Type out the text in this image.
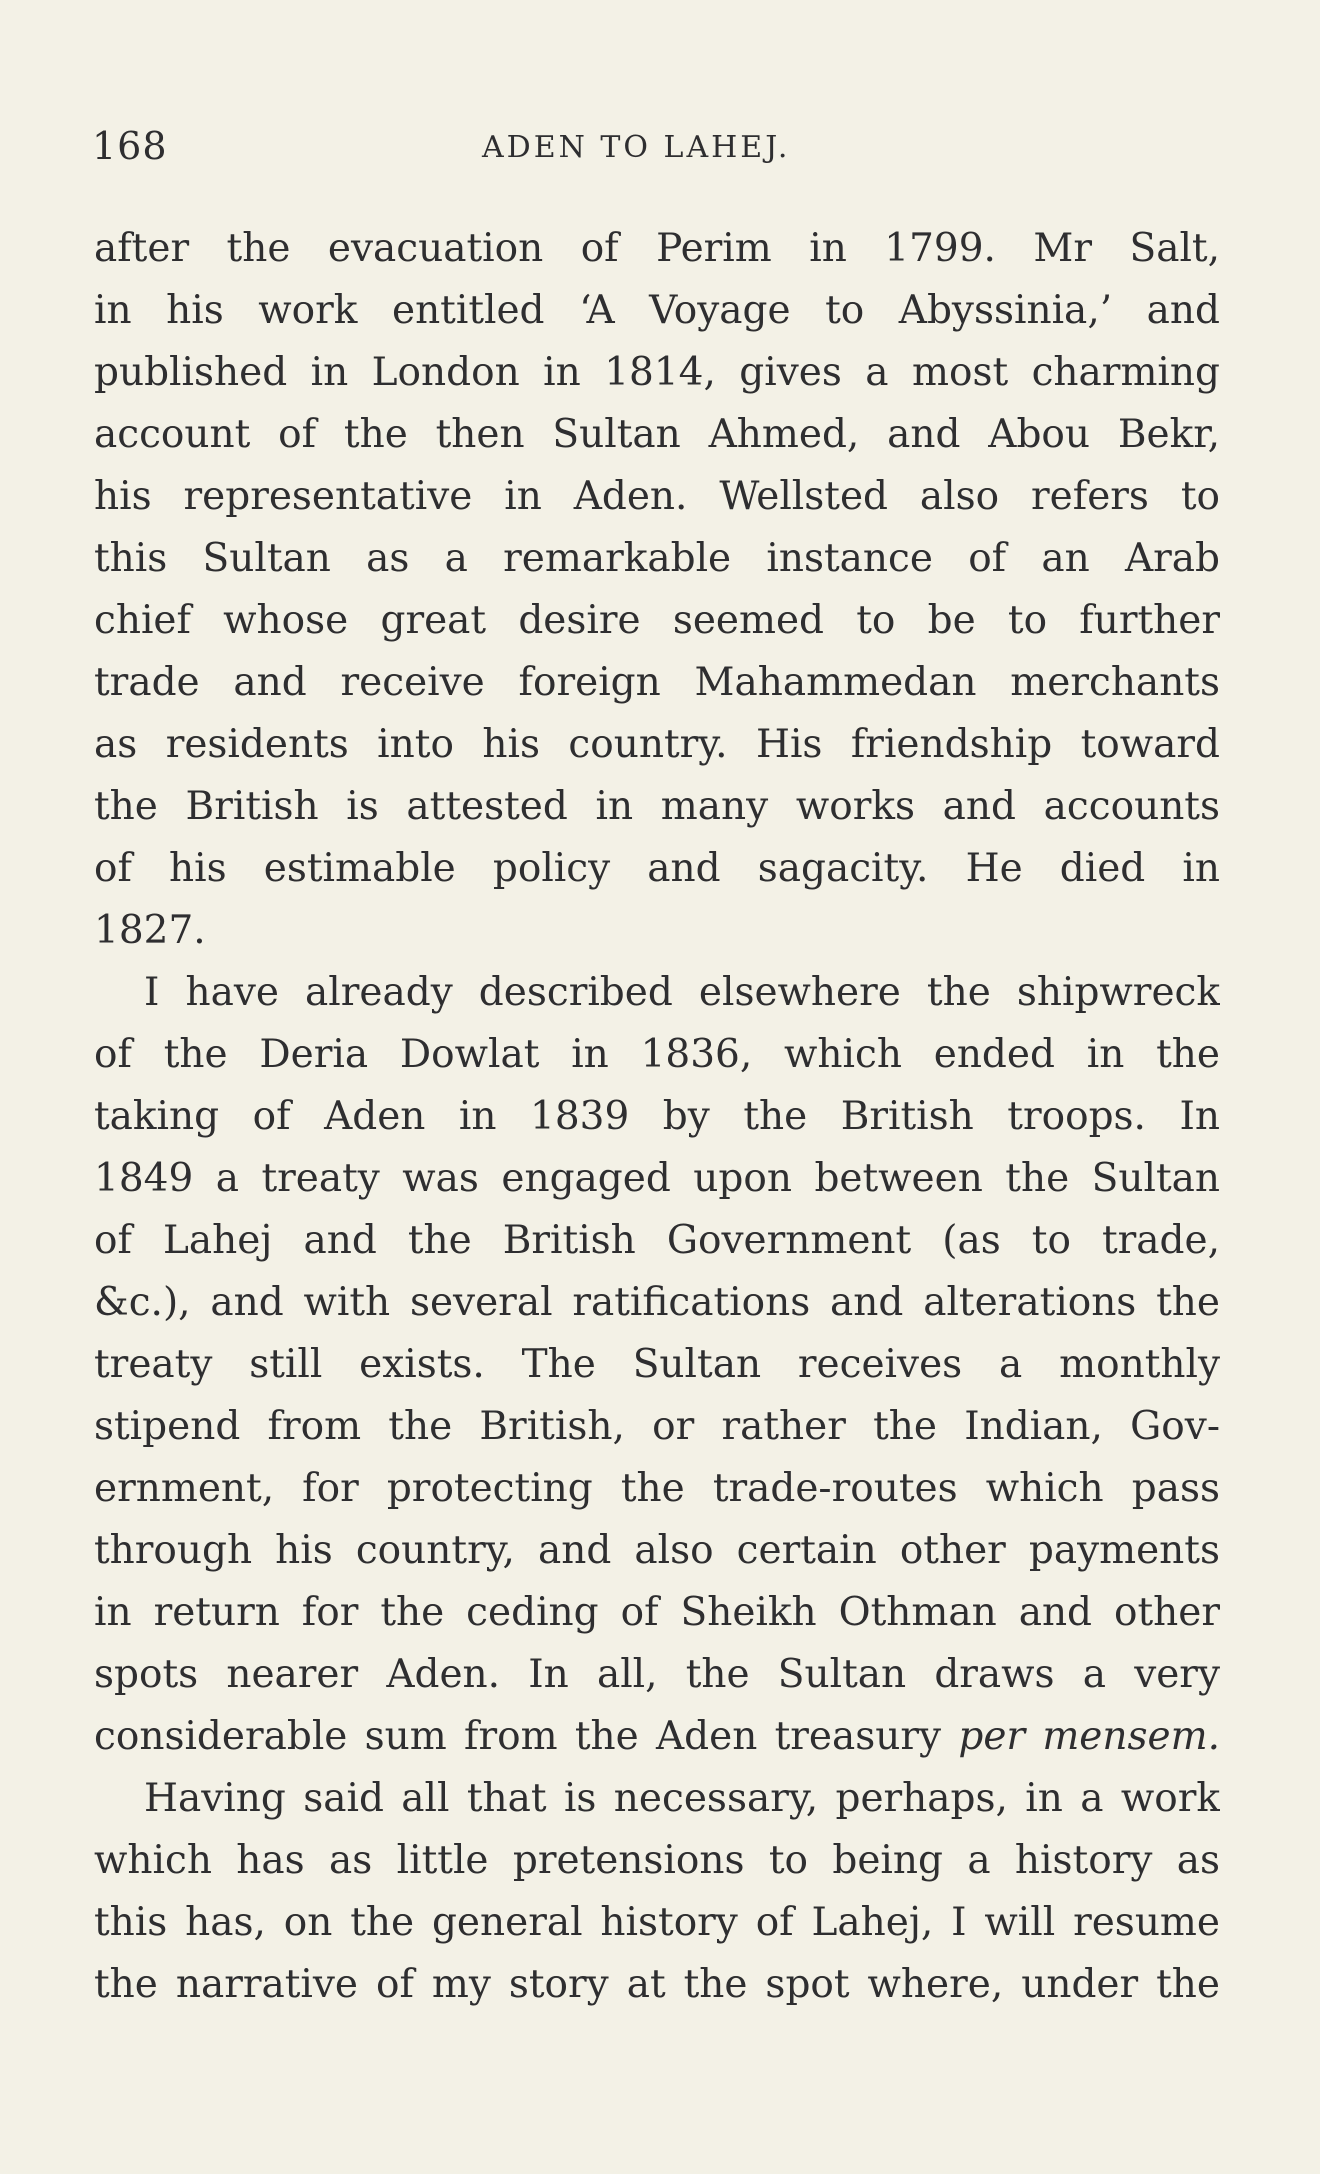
168	ADEN TO LAHEJ.
after the evacuation of Perim in 1799. Mr Salt,
in his work entitled ‘A Voyage to Abyssinia,’ and
published in London in 1814, gives a most charming
account of the then Sultan Ahmed, and Abou Bekr,
his representative in Aden. Wellsted also refers to
this Sultan as a remarkable instance of an Arab
chief whose great desire seemed to be to further
trade and receive foreign Mahammedan merchants
as residents into his country. His friendship toward
the British is attested in many works and accounts
of his estimable policy and sagacity. He died in
1827.
I have already described elsewhere the shipwreck
of the Deria Dowlat in 1836, which ended in the
taking of Aden in 1839 by the British troops. In
1849 a treaty was engaged upon between the Sultan
of Lahej and the British Government (as to trade,
&c.), and with several ratifications and alterations the
treaty still exists. The Sultan receives a monthly
stipend from the British, or rather the Indian, Gov-
ernment, for protecting the trade-routes which pass
through his country, and also certain other payments
in return for the ceding of Sheikh Othman and other
spots nearer Aden. In all, the Sultan draws a very
considerable sum from the Aden treasury per mensem.
Having said all that is necessary, perhaps, in a work
which has as little pretensions to being a history as
this has, on the general history of Lahej, I will resume
the narrative of my story at the spot where, under the
